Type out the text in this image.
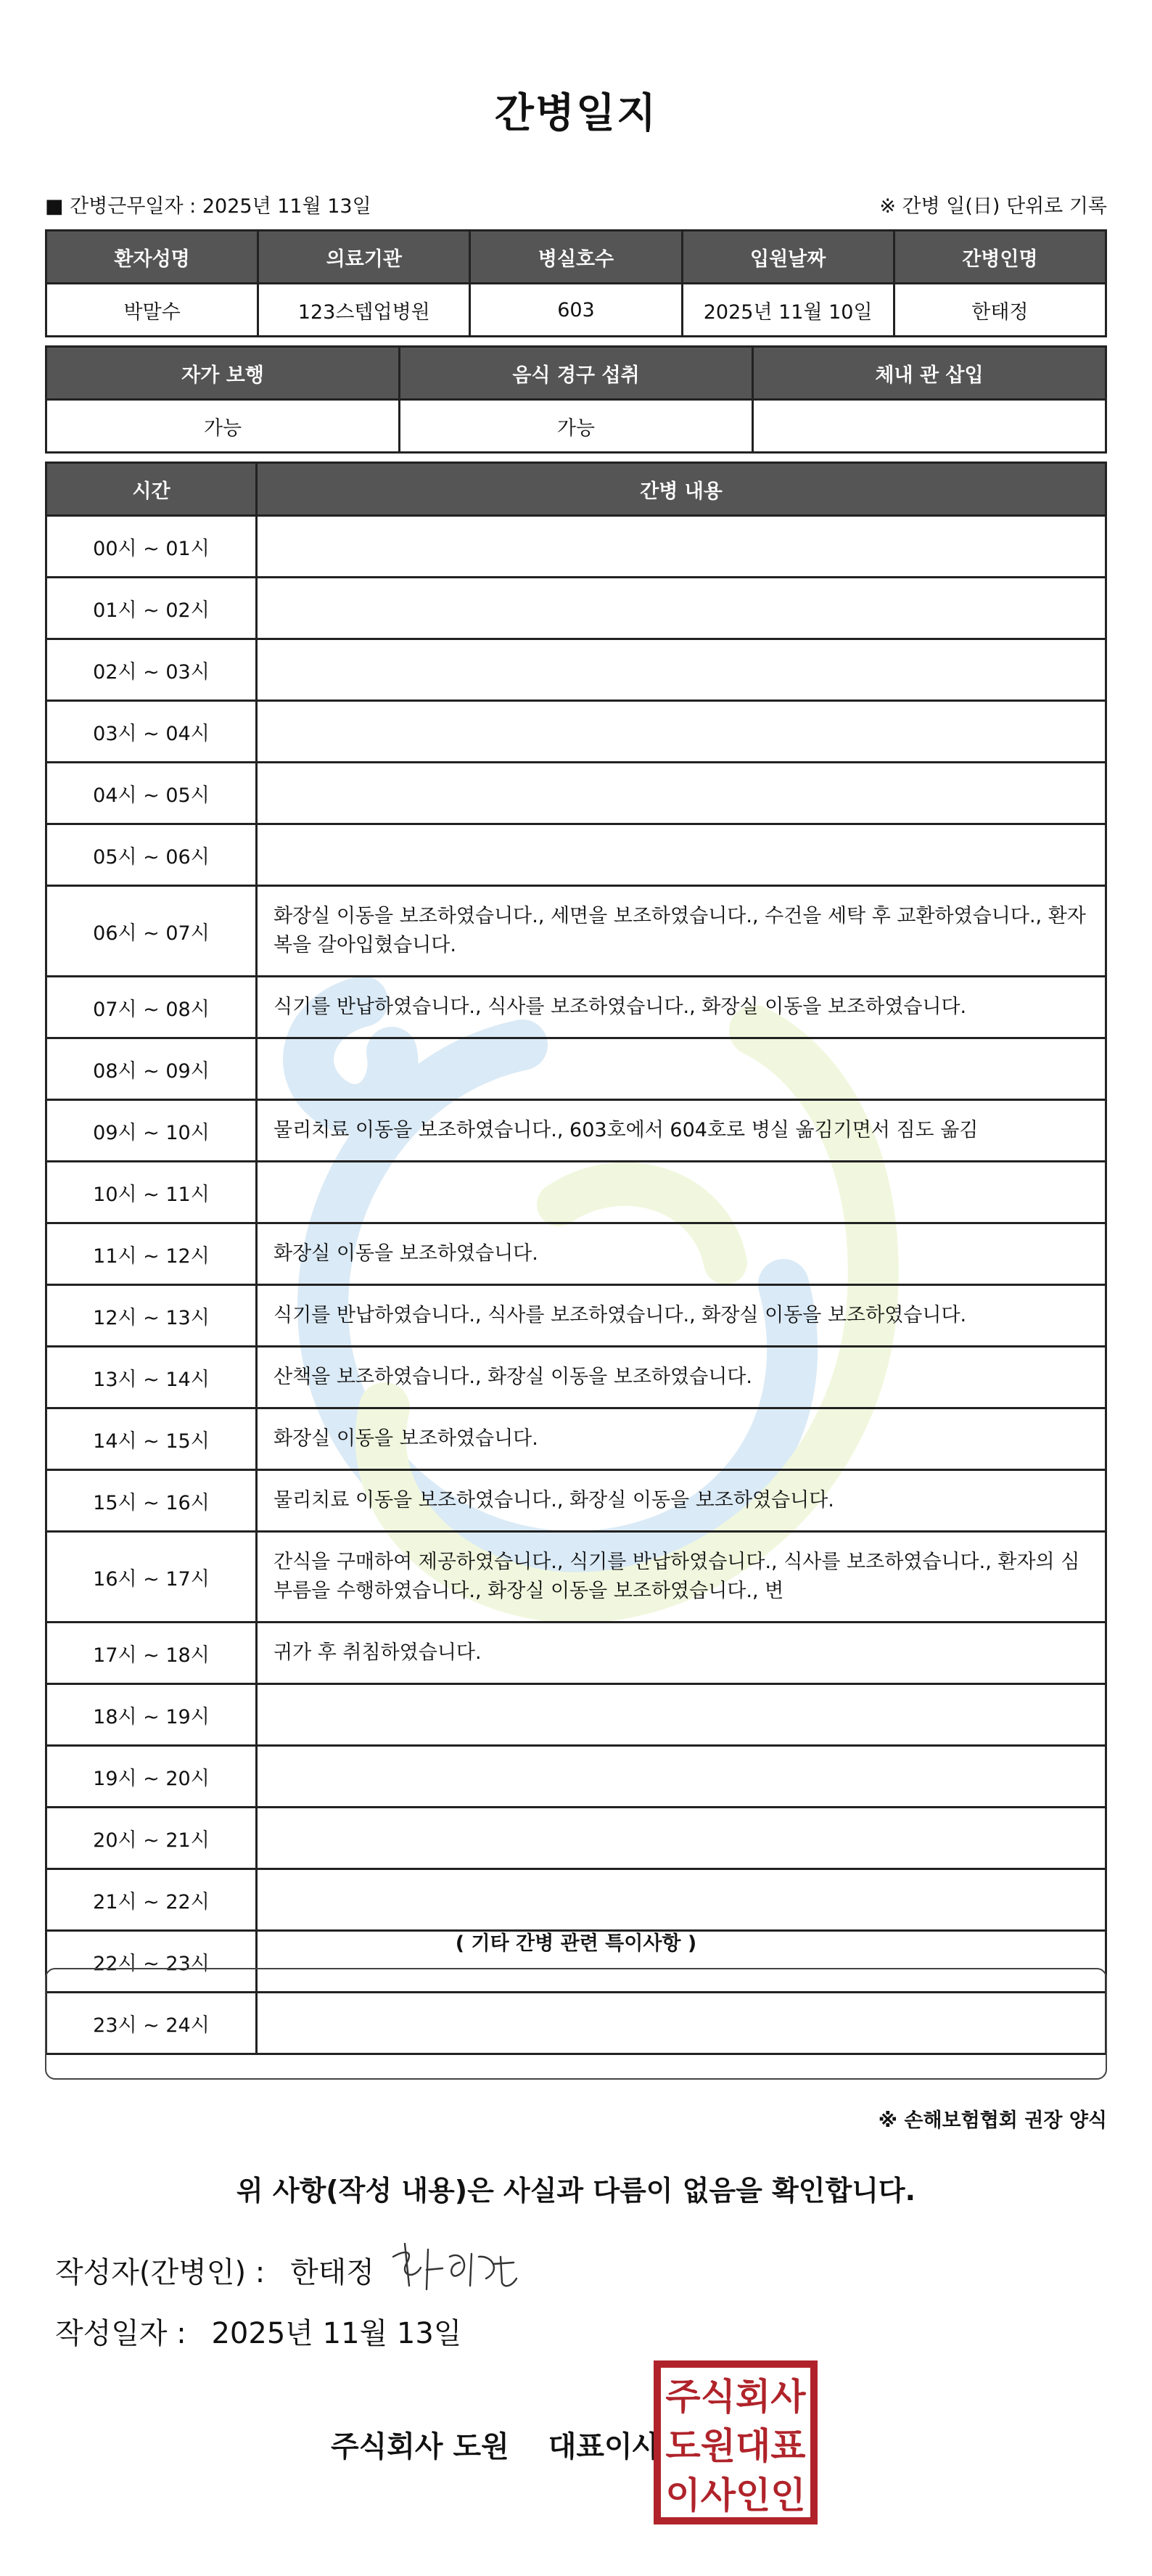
간병일지
■ 간병근무일자 : 2025년 11월 13일	※ 간병 일(日) 단위로 기록
환자성명	의료기관	병실호수	입원날짜	간병인명
박말수	123스텝업병원	603	2025년 11월 10일	한태정
자가 보행	음식 경구 섭취	체내 관 삽입
가능	가능	
시간	간병 내용
00시 ~ 01시	
01시 ~ 02시	
02시 ~ 03시	
03시 ~ 04시	
04시 ~ 05시	
05시 ~ 06시	
06시 ~ 07시	화장실 이동을 보조하였습니다., 세면을 보조하였습니다., 수건을 세탁 후 교환하였습니다., 환자복을 갈아입혔습니다.
07시 ~ 08시	식기를 반납하였습니다., 식사를 보조하였습니다., 화장실 이동을 보조하였습니다.
08시 ~ 09시	
09시 ~ 10시	물리치료 이동을 보조하였습니다., 603호에서 604호로 병실 옮김기면서 짐도 옮김
10시 ~ 11시	
11시 ~ 12시	화장실 이동을 보조하였습니다.
12시 ~ 13시	식기를 반납하였습니다., 식사를 보조하였습니다., 화장실 이동을 보조하였습니다.
13시 ~ 14시	산책을 보조하였습니다., 화장실 이동을 보조하였습니다.
14시 ~ 15시	화장실 이동을 보조하였습니다.
15시 ~ 16시	물리치료 이동을 보조하였습니다., 화장실 이동을 보조하였습니다.
16시 ~ 17시	간식을 구매하여 제공하였습니다., 식기를 반납하였습니다., 식사를 보조하였습니다., 환자의 심부름을 수행하였습니다., 화장실 이동을 보조하였습니다., 변
17시 ~ 18시	귀가 후 취침하였습니다.
18시 ~ 19시	
19시 ~ 20시	
20시 ~ 21시	
21시 ~ 22시	
22시 ~ 23시	
23시 ~ 24시	
( 기타 간병 관련 특이사항 )
※ 손해보험협회 권장 양식
위 사항(작성 내용)은 사실과 다름이 없음을 확인합니다.
작성자(간병인) : 한태정
작성일자 : 2025년 11월 13일
주식회사 도원 대표이사
주식회사
도원대표
이사인인
